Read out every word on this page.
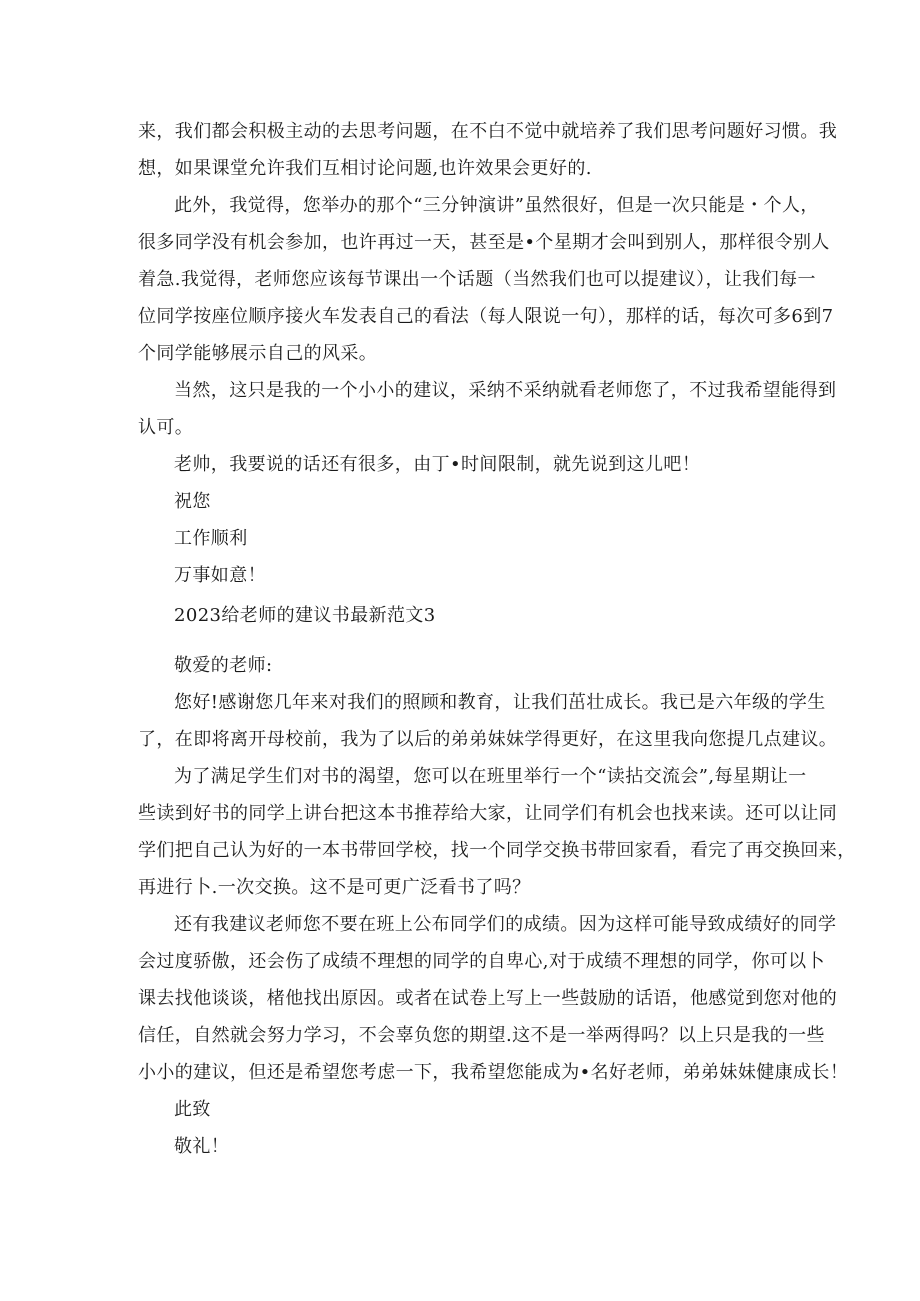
来，我们都会积极主动的去思考问题，在不白不觉中就培养了我们思考问题好习惯。我
想，如果课堂允许我们互相讨论问题,也许效果会更好的.
此外，我觉得，您举办的那个“三分钟演讲”虽然很好，但是一次只能是・个人，
很多同学没有机会参加，也许再过一天，甚至是•个星期才会叫到别人，那样很令别人
着急.我觉得，老师您应该每节课出一个话题（当然我们也可以提建议），让我们每一
位同学按座位顺序接火车发表自己的看法（每人限说一句），那样的话，每次可多6到7
个同学能够展示自己的风采。
当然，这只是我的一个小小的建议，采纳不采纳就看老师您了，不过我希望能得到
认可。
老帅，我要说的话还有很多，由丁•时间限制，就先说到这儿吧！
祝您
工作顺利
万事如意！
2023给老师的建议书最新范文3
敬爱的老师:
您好!感谢您几年来对我们的照顾和教育，让我们茁壮成长。我已是六年级的学生
了，在即将离开母校前，我为了以后的弟弟妹妹学得更好，在这里我向您提几点建议。
为了满足学生们对书的渴望，您可以在班里举行一个“读拈交流会”,每星期让一
些读到好书的同学上讲台把这本书推荐给大家，让同学们有机会也找来读。还可以让同
学们把自己认为好的一本书带回学校，找一个同学交换书带回家看，看完了再交换回来，
再进行卜.一次交换。这不是可更广泛看书了吗？
还有我建议老师您不要在班上公布同学们的成绩。因为这样可能导致成绩好的同学
会过度骄傲，还会伤了成绩不理想的同学的自卑心,对于成绩不理想的同学，你可以卜
课去找他谈谈，楮他找出原因。或者在试卷上写上一些鼓励的话语，他感觉到您对他的
信任，自然就会努力学习，不会辜负您的期望.这不是一举两得吗？以上只是我的一些
小小的建议，但还是希望您考虑一下，我希望您能成为•名好老师，弟弟妹妹健康成长！
此致
敬礼！
